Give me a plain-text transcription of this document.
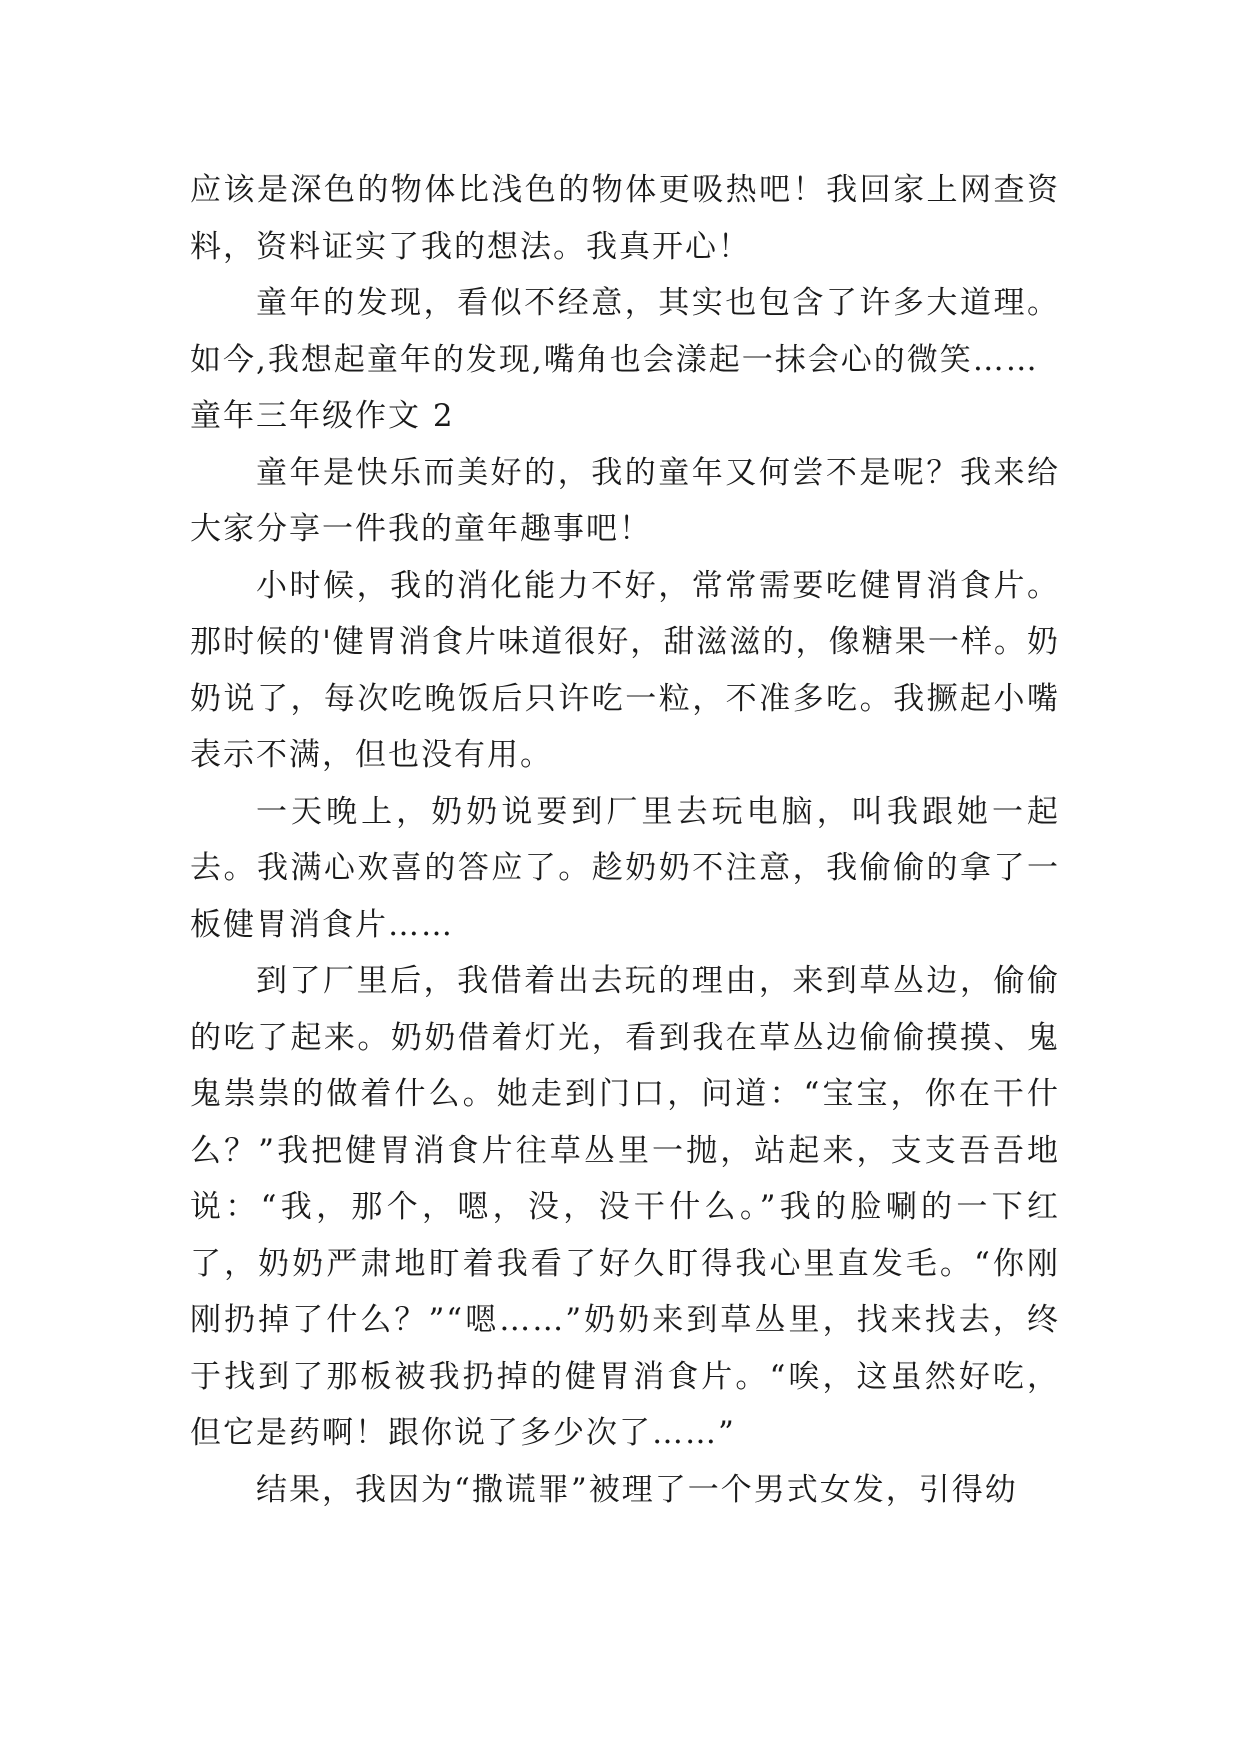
应该是深色的物体比浅色的物体更吸热吧！我回家上网查资料，资料证实了我的想法。我真开心！

童年的发现，看似不经意，其实也包含了许多大道理。如今,我想起童年的发现,嘴角也会漾起一抹会心的微笑……

童年三年级作文 2

童年是快乐而美好的，我的童年又何尝不是呢？我来给大家分享一件我的童年趣事吧！

小时候，我的消化能力不好，常常需要吃健胃消食片。那时候的'健胃消食片味道很好，甜滋滋的，像糖果一样。奶奶说了，每次吃晚饭后只许吃一粒，不准多吃。我撅起小嘴表示不满，但也没有用。

一天晚上，奶奶说要到厂里去玩电脑，叫我跟她一起去。我满心欢喜的答应了。趁奶奶不注意，我偷偷的拿了一板健胃消食片……

到了厂里后，我借着出去玩的理由，来到草丛边，偷偷的吃了起来。奶奶借着灯光，看到我在草丛边偷偷摸摸、鬼鬼祟祟的做着什么。她走到门口，问道：“宝宝，你在干什么？”我把健胃消食片往草丛里一抛，站起来，支支吾吾地说：“我，那个，嗯，没，没干什么。”我的脸唰的一下红了，奶奶严肃地盯着我看了好久盯得我心里直发毛。“你刚刚扔掉了什么？”“嗯……”奶奶来到草丛里，找来找去，终于找到了那板被我扔掉的健胃消食片。“唉，这虽然好吃，但它是药啊！跟你说了多少次了……”

结果，我因为“撒谎罪”被理了一个男式女发，引得幼
